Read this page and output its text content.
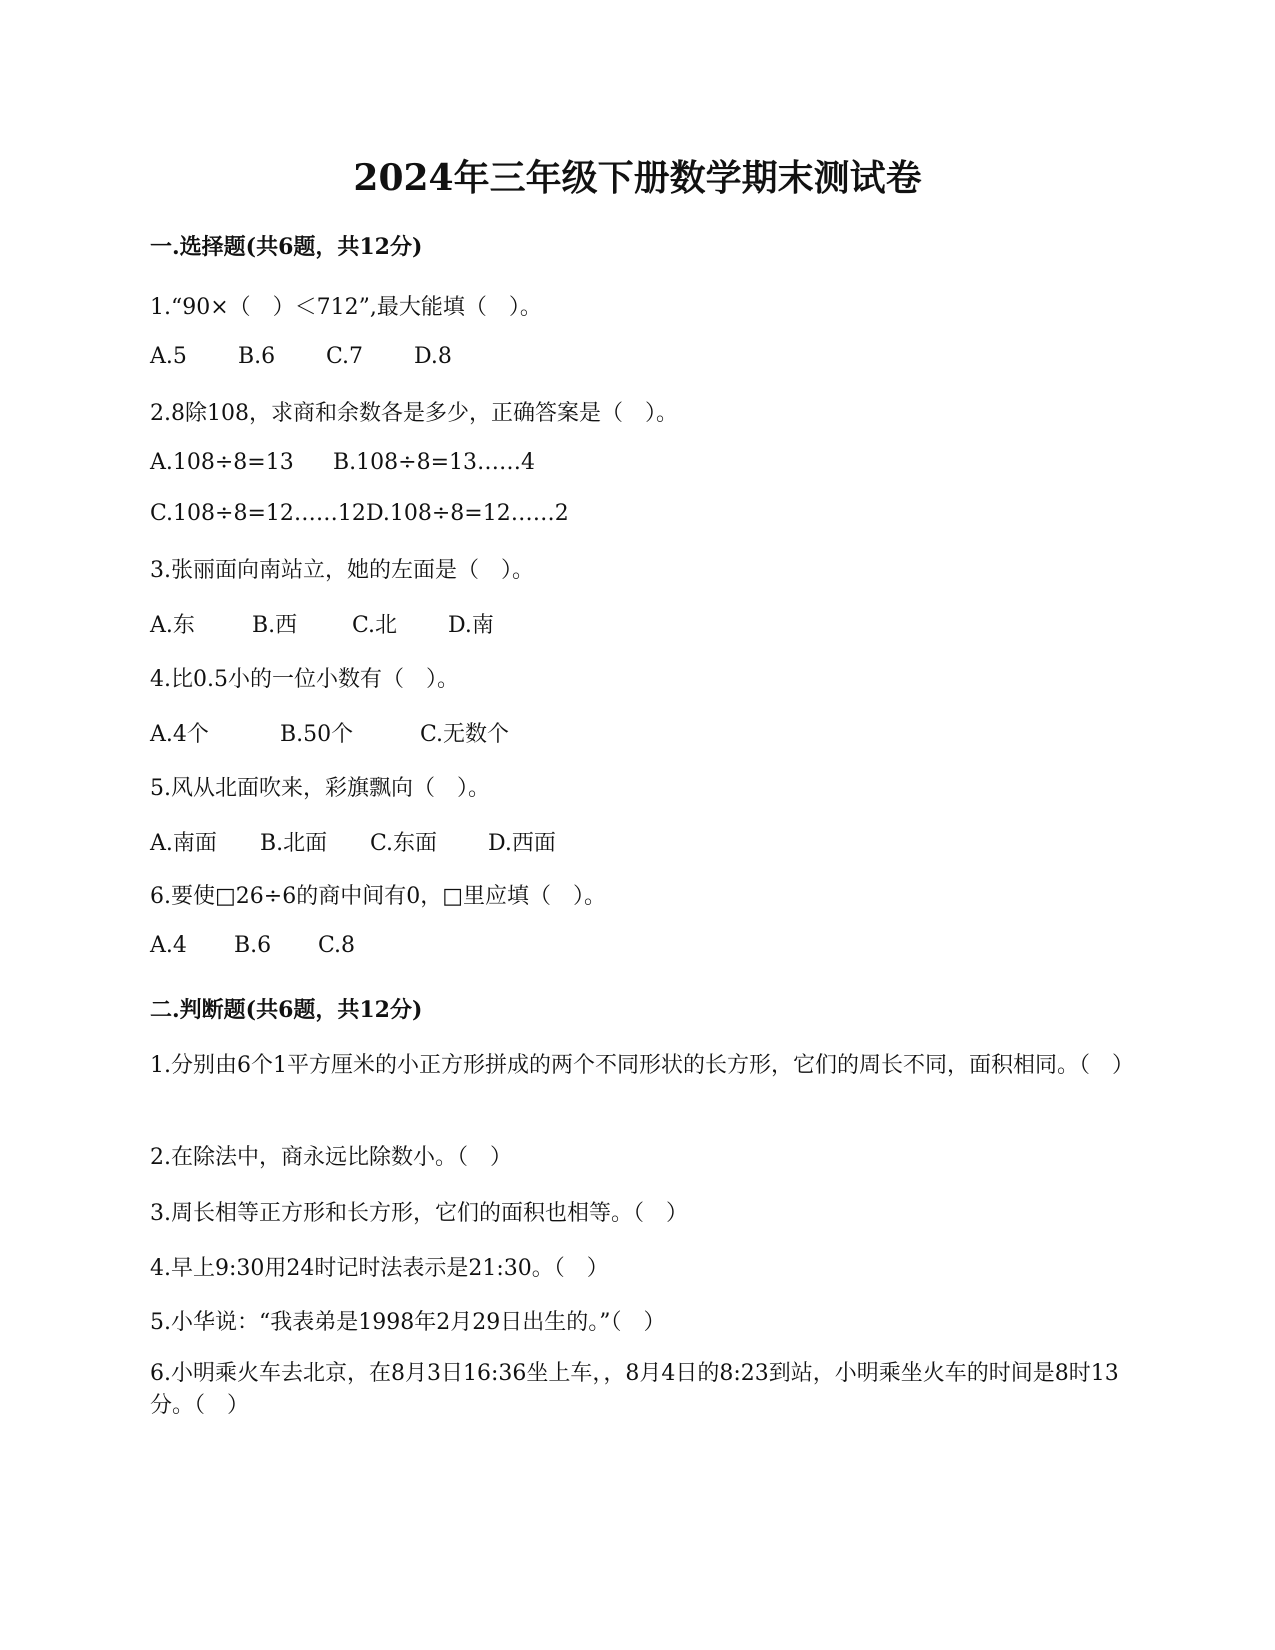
2024年三年级下册数学期末测试卷
一.选择题(共6题，共12分)
1.“90×（　）＜712”,最大能填（　）。
A.5 B.6 C.7 D.8
2.8除108，求商和余数各是多少，正确答案是（　）。
A.108÷8=13 B.108÷8=13……4
C.108÷8=12……12D.108÷8=12……2
3.张丽面向南站立，她的左面是（　）。
A.东	B.西 C.北 D.南
4.比0.5小的一位小数有（　）。
A.4个	B.50个	C.无数个
5.风从北面吹来，彩旗飘向（　）。
A.南面 B.北面 C.东面 D.西面
6.要使□26÷6的商中间有0，□里应填（　）。
A.4 B.6 C.8
二.判断题(共6题，共12分)
1.分别由6个1平方厘米的小正方形拼成的两个不同形状的长方形，它们的周长不同，面积相同。（　）
2.在除法中，商永远比除数小。（　）
3.周长相等正方形和长方形，它们的面积也相等。（　）
4.早上9:30用24时记时法表示是21:30。（　）
5.小华说：“我表弟是1998年2月29日出生的。”（　）
6.小明乘火车去北京，在8月3日16:36坐上车，，8月4日的8:23到站，小明乘坐火车的时间是8时13分。（　）
